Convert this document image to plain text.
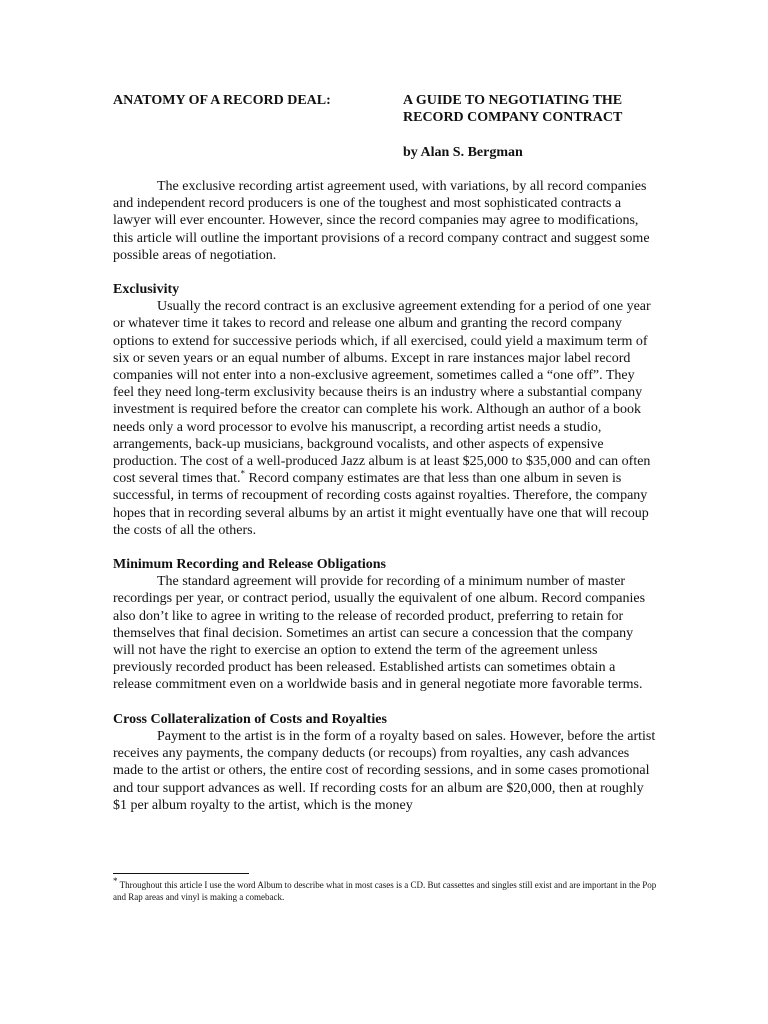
ANATOMY OF A RECORD DEAL:	A GUIDE TO NEGOTIATING THE RECORD COMPANY CONTRACT
by Alan S. Bergman

The exclusive recording artist agreement used, with variations, by all record companies and independent record producers is one of the toughest and most sophisticated contracts a lawyer will ever encounter. However, since the record companies may agree to modifications, this article will outline the important provisions of a record company contract and suggest some possible areas of negotiation.

Exclusivity

Usually the record contract is an exclusive agreement extending for a period of one year or whatever time it takes to record and release one album and granting the record company options to extend for successive periods which, if all exercised, could yield a maximum term of six or seven years or an equal number of albums. Except in rare instances major label record companies will not enter into a non-exclusive agreement, sometimes called a “one off”. They feel they need long-term exclusivity because theirs is an industry where a substantial company investment is required before the creator can complete his work. Although an author of a book needs only a word processor to evolve his manuscript, a recording artist needs a studio, arrangements, back-up musicians, background vocalists, and other aspects of expensive production. The cost of a well-produced Jazz album is at least $25,000 to $35,000 and can often cost several times that.* Record company estimates are that less than one album in seven is successful, in terms of recoupment of recording costs against royalties. Therefore, the company hopes that in recording several albums by an artist it might eventually have one that will recoup the costs of all the others.

Minimum Recording and Release Obligations

The standard agreement will provide for recording of a minimum number of master recordings per year, or contract period, usually the equivalent of one album. Record companies also don’t like to agree in writing to the release of recorded product, preferring to retain for themselves that final decision. Sometimes an artist can secure a concession that the company will not have the right to exercise an option to extend the term of the agreement unless previously recorded product has been released. Established artists can sometimes obtain a release commitment even on a worldwide basis and in general negotiate more favorable terms.

Cross Collateralization of Costs and Royalties

Payment to the artist is in the form of a royalty based on sales. However, before the artist receives any payments, the company deducts (or recoups) from royalties, any cash advances made to the artist or others, the entire cost of recording sessions, and in some cases promotional and tour support advances as well. If recording costs for an album are $20,000, then at roughly $1 per album royalty to the artist, which is the money

* Throughout this article I use the word Album to describe what in most cases is a CD. But cassettes and singles still exist and are important in the Pop and Rap areas and vinyl is making a comeback.
